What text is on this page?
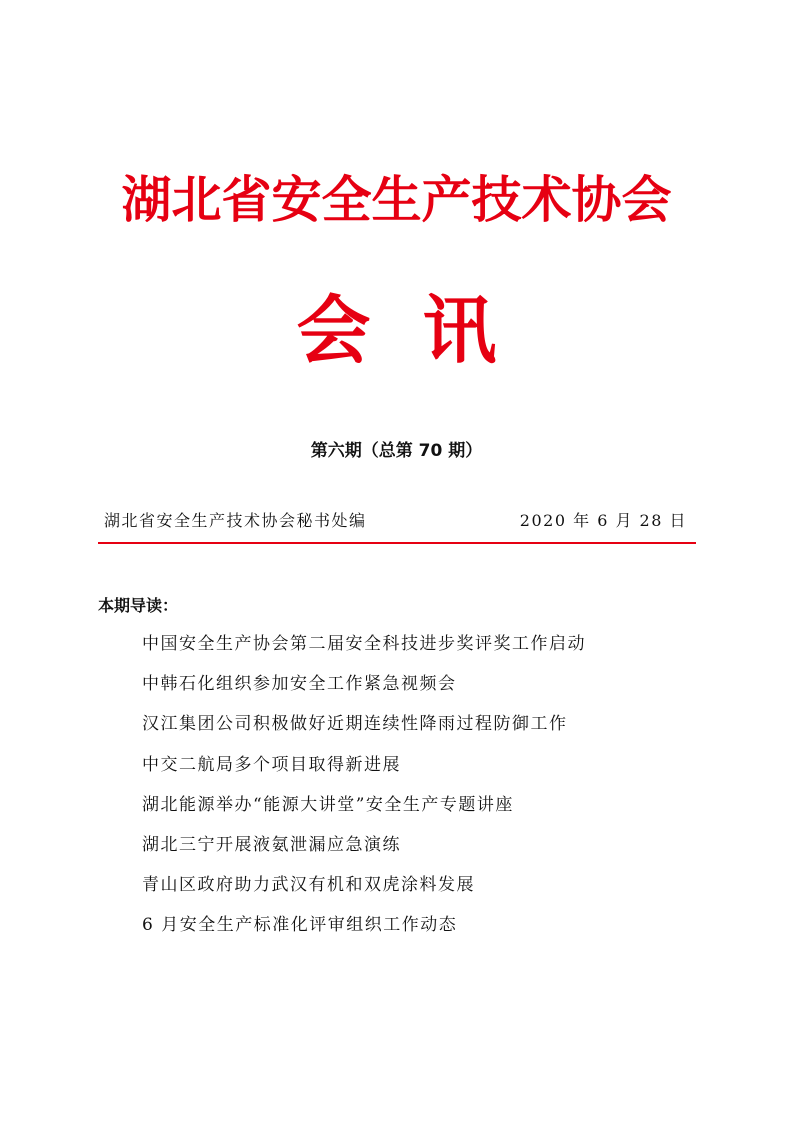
湖北省安全生产技术协会
会讯
第六期（总第 70 期）
湖北省安全生产技术协会秘书处编	2020 年 6 月 28 日
本期导读：
中国安全生产协会第二届安全科技进步奖评奖工作启动
中韩石化组织参加安全工作紧急视频会
汉江集团公司积极做好近期连续性降雨过程防御工作
中交二航局多个项目取得新进展
湖北能源举办“能源大讲堂”安全生产专题讲座
湖北三宁开展液氨泄漏应急演练
青山区政府助力武汉有机和双虎涂料发展
6 月安全生产标准化评审组织工作动态
